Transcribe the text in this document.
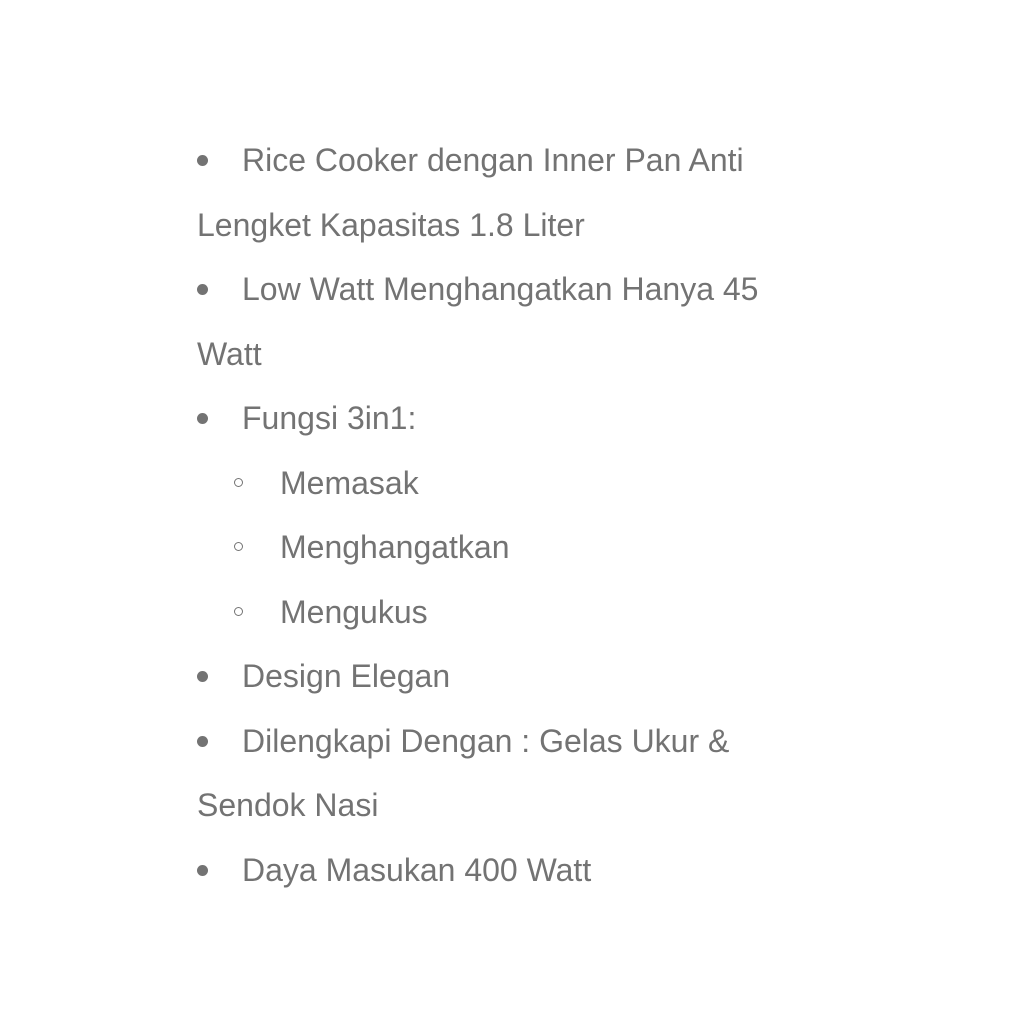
Rice Cooker dengan Inner Pan Anti
Lengket Kapasitas 1.8 Liter
Low Watt Menghangatkan Hanya 45
Watt
Fungsi 3in1:
Memasak
Menghangatkan
Mengukus
Design Elegan
Dilengkapi Dengan : Gelas Ukur &
Sendok Nasi
Daya Masukan 400 Watt
